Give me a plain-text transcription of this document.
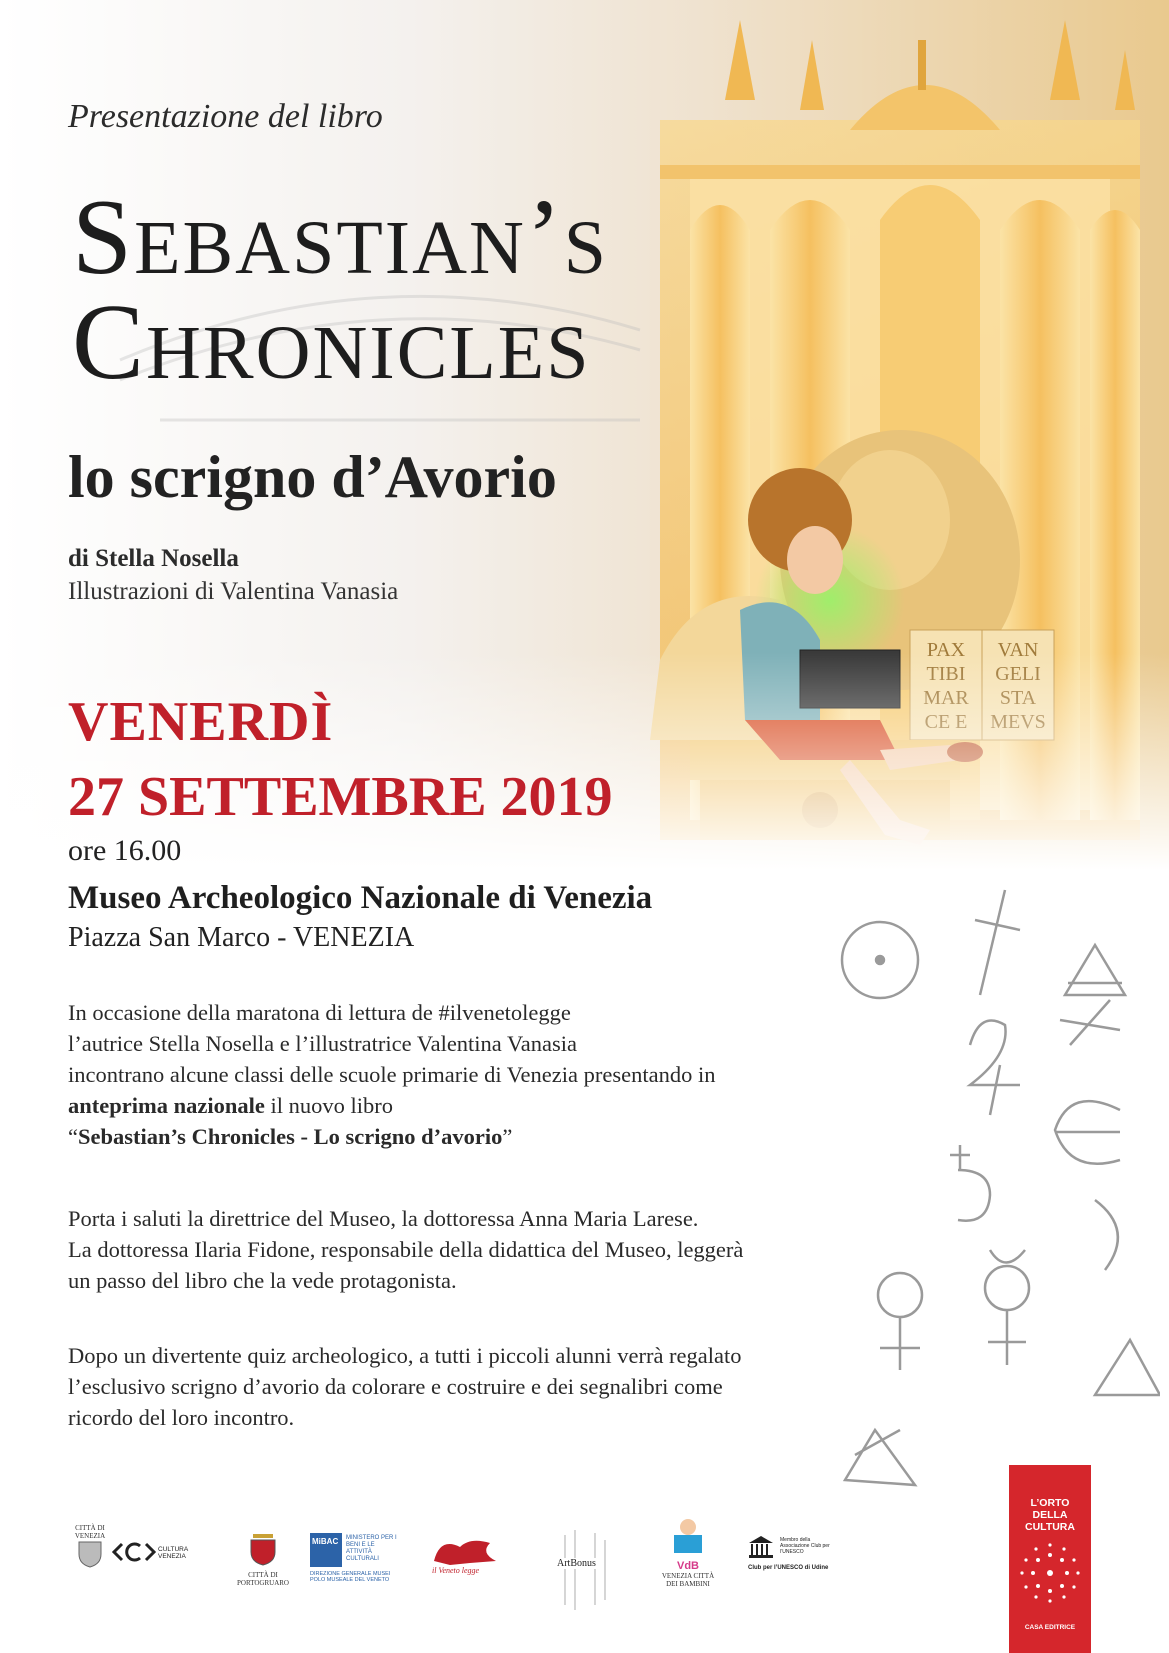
Presentazione del libro
Sebastian’s
Chronicles
lo scrigno d’Avorio
di Stella Nosella
Illustrazioni di Valentina Vanasia
VENERDÌ
27 SETTEMBRE 2019
ore 16.00
Museo Archeologico Nazionale di Venezia
Piazza San Marco - VENEZIA
In occasione della maratona di lettura de #ilvenetolegge
l’autrice Stella Nosella e l’illustratrice Valentina Vanasia
incontrano alcune classi delle scuole primarie di Venezia presentando in
anteprima nazionale il nuovo libro
“Sebastian’s Chronicles - Lo scrigno d’avorio”
Porta i saluti la direttrice del Museo, la dottoressa Anna Maria Larese.
La dottoressa Ilaria Fidone, responsabile della didattica del Museo, leggerà
un passo del libro che la vede protagonista.
Dopo un divertente quiz archeologico, a tutti i piccoli alunni verrà regalato
l’esclusivo scrigno d’avorio da colorare e costruire e dei segnalibri come
ricordo del loro incontro.
L’ORTO
DELLA
CULTURA
CASA EDITRICE
CITTÀ DI VENEZIA
CULTURA VENEZIA
CITTÀ DI PORTOGRUARO
MiBAC MINISTERO PER I BENI E LE ATTIVITÀ CULTURALI
DIREZIONE GENERALE MUSEI POLO MUSEALE DEL VENETO
il Veneto legge
ArtBonus	VdB
VENEZIA CITTÀ DEI BAMBINI
Membro della Associazione Club per l’UNESCO
Club per l’UNESCO di Udine
